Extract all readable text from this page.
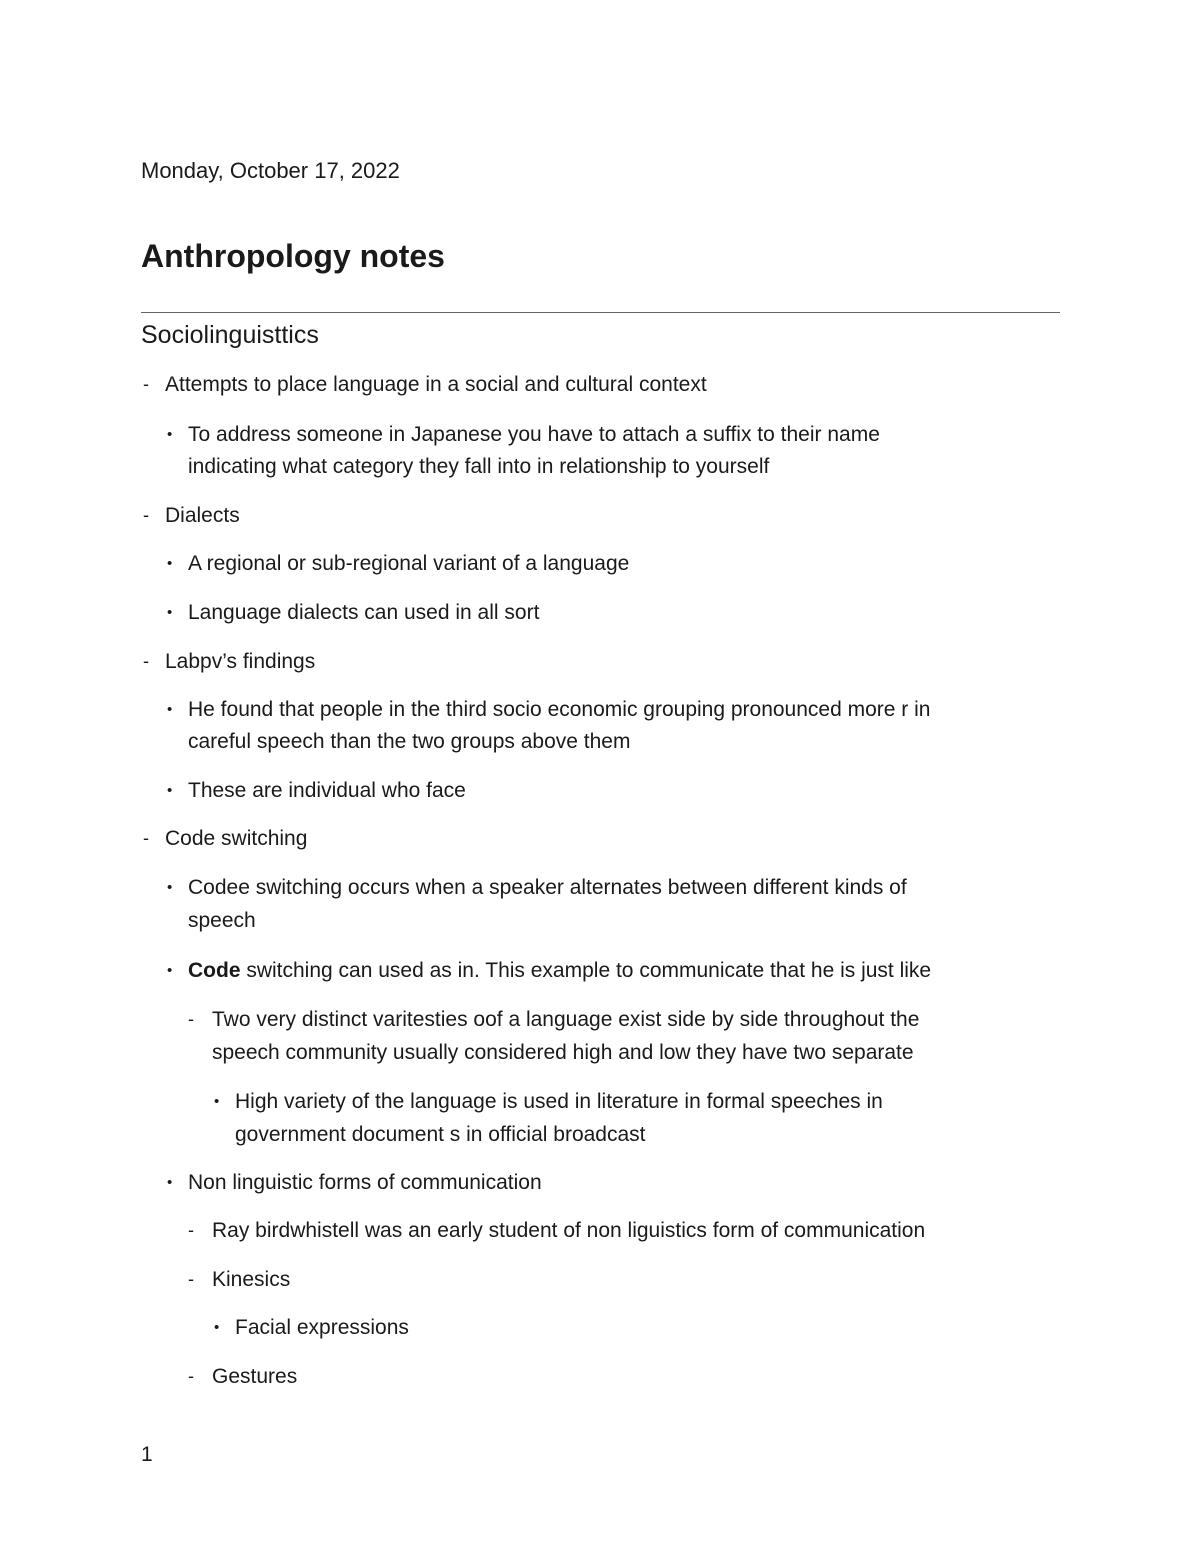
Monday, October 17, 2022
Anthropology notes
Sociolinguisttics
- Attempts to place language in a social and cultural context
• To address someone in Japanese you have to attach a suffix to their name
indicating what category they fall into in relationship to yourself
- Dialects
• A regional or sub-regional variant of a language
• Language dialects can used in all sort
- Labpv’s findings
• He found that people in the third socio economic grouping pronounced more r in
careful speech than the two groups above them
• These are individual who face
- Code switching
• Codee switching occurs when a speaker alternates between different kinds of
speech
• Code switching can used as in. This example to communicate that he is just like
- Two very distinct varitesties oof a language exist side by side throughout the
speech community usually considered high and low they have two separate
• High variety of the language is used in literature in formal speeches in
government document s in official broadcast
• Non linguistic forms of communication
- Ray birdwhistell was an early student of non liguistics form of communication
- Kinesics
• Facial expressions
- Gestures
1
